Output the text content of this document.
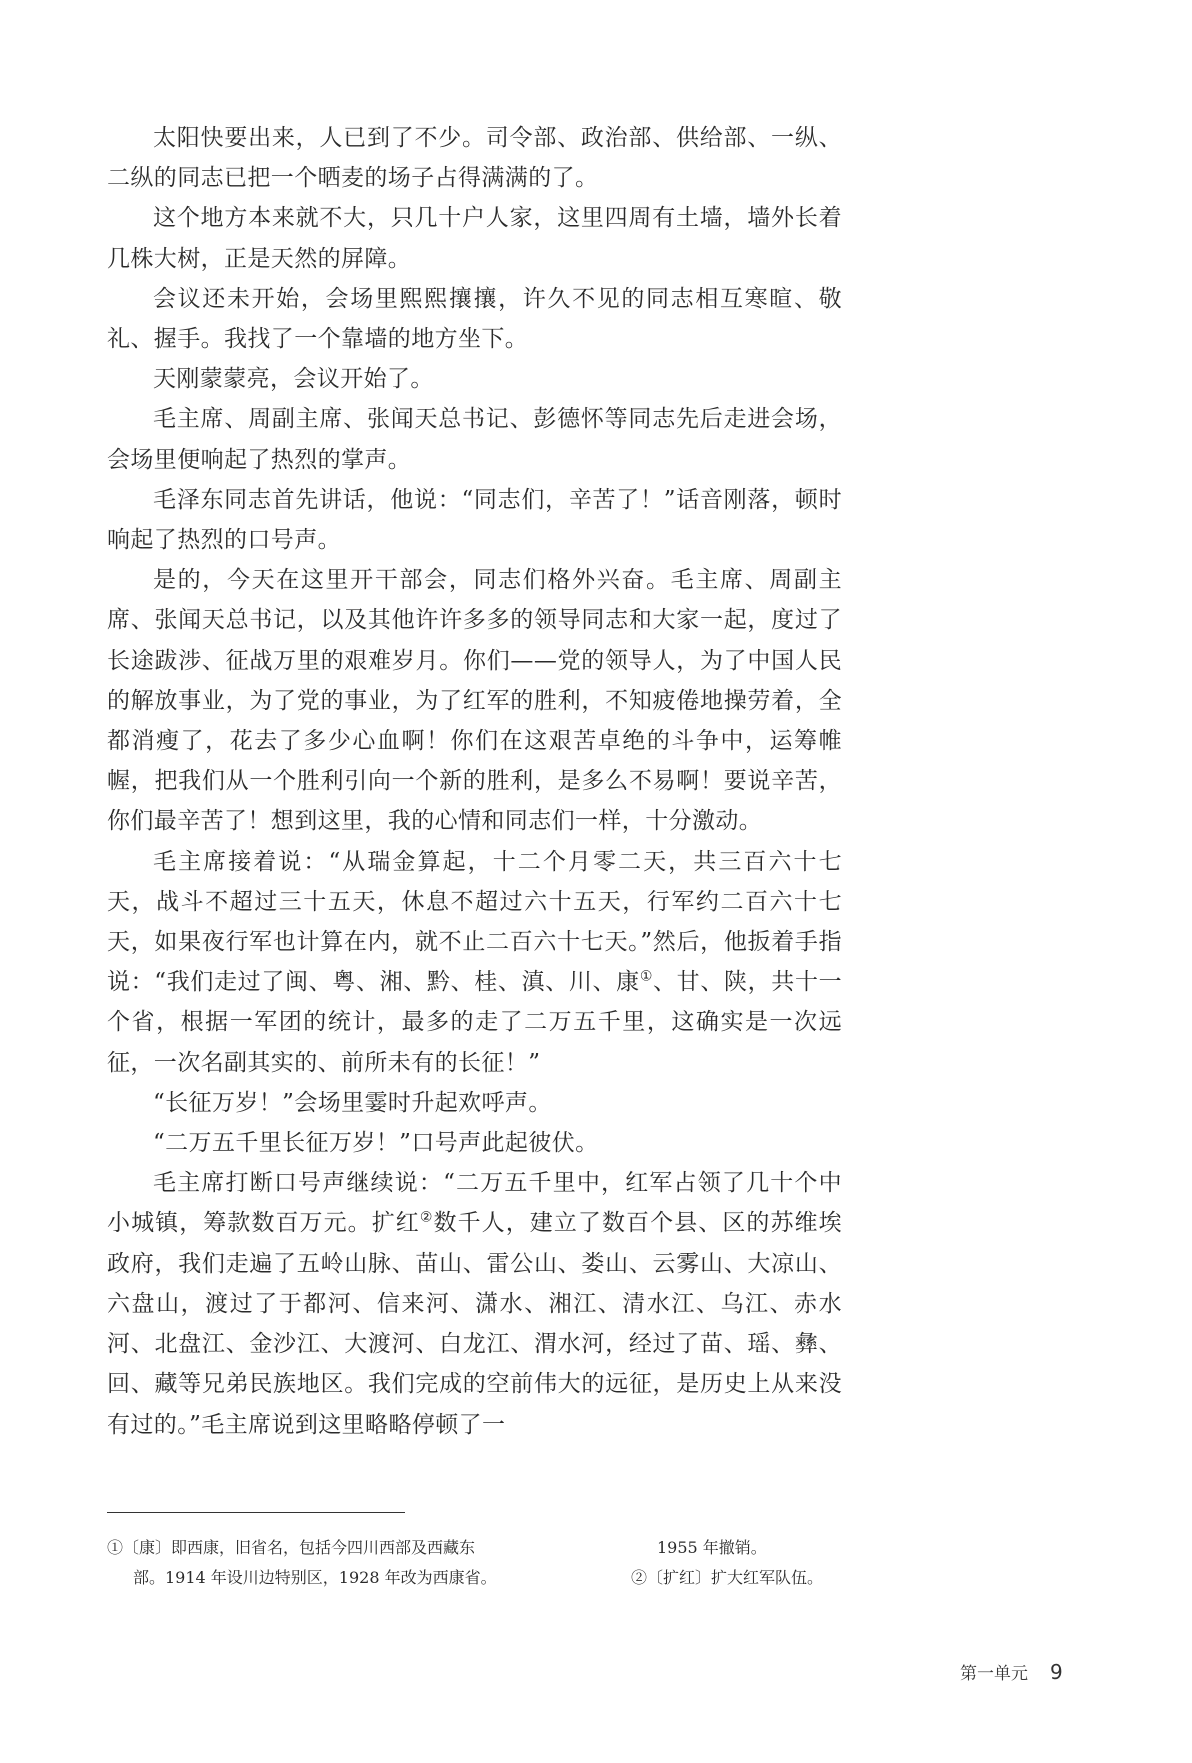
太阳快要出来，人已到了不少。司令部、政治部、供给部、一纵、二纵的同志已把一个晒麦的场子占得满满的了。

这个地方本来就不大，只几十户人家，这里四周有土墙，墙外长着几株大树，正是天然的屏障。

会议还未开始，会场里熙熙攘攘，许久不见的同志相互寒暄、敬礼、握手。我找了一个靠墙的地方坐下。

天刚蒙蒙亮，会议开始了。

毛主席、周副主席、张闻天总书记、彭德怀等同志先后走进会场，会场里便响起了热烈的掌声。

毛泽东同志首先讲话，他说：“同志们，辛苦了！”话音刚落，顿时响起了热烈的口号声。

是的，今天在这里开干部会，同志们格外兴奋。毛主席、周副主席、张闻天总书记，以及其他许许多多的领导同志和大家一起，度过了长途跋涉、征战万里的艰难岁月。你们——党的领导人，为了中国人民的解放事业，为了党的事业，为了红军的胜利，不知疲倦地操劳着，全都消瘦了，花去了多少心血啊！你们在这艰苦卓绝的斗争中，运筹帷幄，把我们从一个胜利引向一个新的胜利，是多么不易啊！要说辛苦，你们最辛苦了！想到这里，我的心情和同志们一样，十分激动。

毛主席接着说：“从瑞金算起，十二个月零二天，共三百六十七天，战斗不超过三十五天，休息不超过六十五天，行军约二百六十七天，如果夜行军也计算在内，就不止二百六十七天。”然后，他扳着手指说：“我们走过了闽、粤、湘、黔、桂、滇、川、康①、甘、陕，共十一个省，根据一军团的统计，最多的走了二万五千里，这确实是一次远征，一次名副其实的、前所未有的长征！”

“长征万岁！”会场里霎时升起欢呼声。

“二万五千里长征万岁！”口号声此起彼伏。

毛主席打断口号声继续说：“二万五千里中，红军占领了几十个中小城镇，筹款数百万元。扩红②数千人，建立了数百个县、区的苏维埃政府，我们走遍了五岭山脉、苗山、雷公山、娄山、云雾山、大凉山、六盘山，渡过了于都河、信来河、潇水、湘江、清水江、乌江、赤水河、北盘江、金沙江、大渡河、白龙江、渭水河，经过了苗、瑶、彝、回、藏等兄弟民族地区。我们完成的空前伟大的远征，是历史上从来没有过的。”毛主席说到这里略略停顿了一

①〔康〕即西康，旧省名，包括今四川西部及西藏东
部。1914 年设川边特别区，1928 年改为西康省。
1955 年撤销。
②〔扩红〕扩大红军队伍。
第一单元 9
